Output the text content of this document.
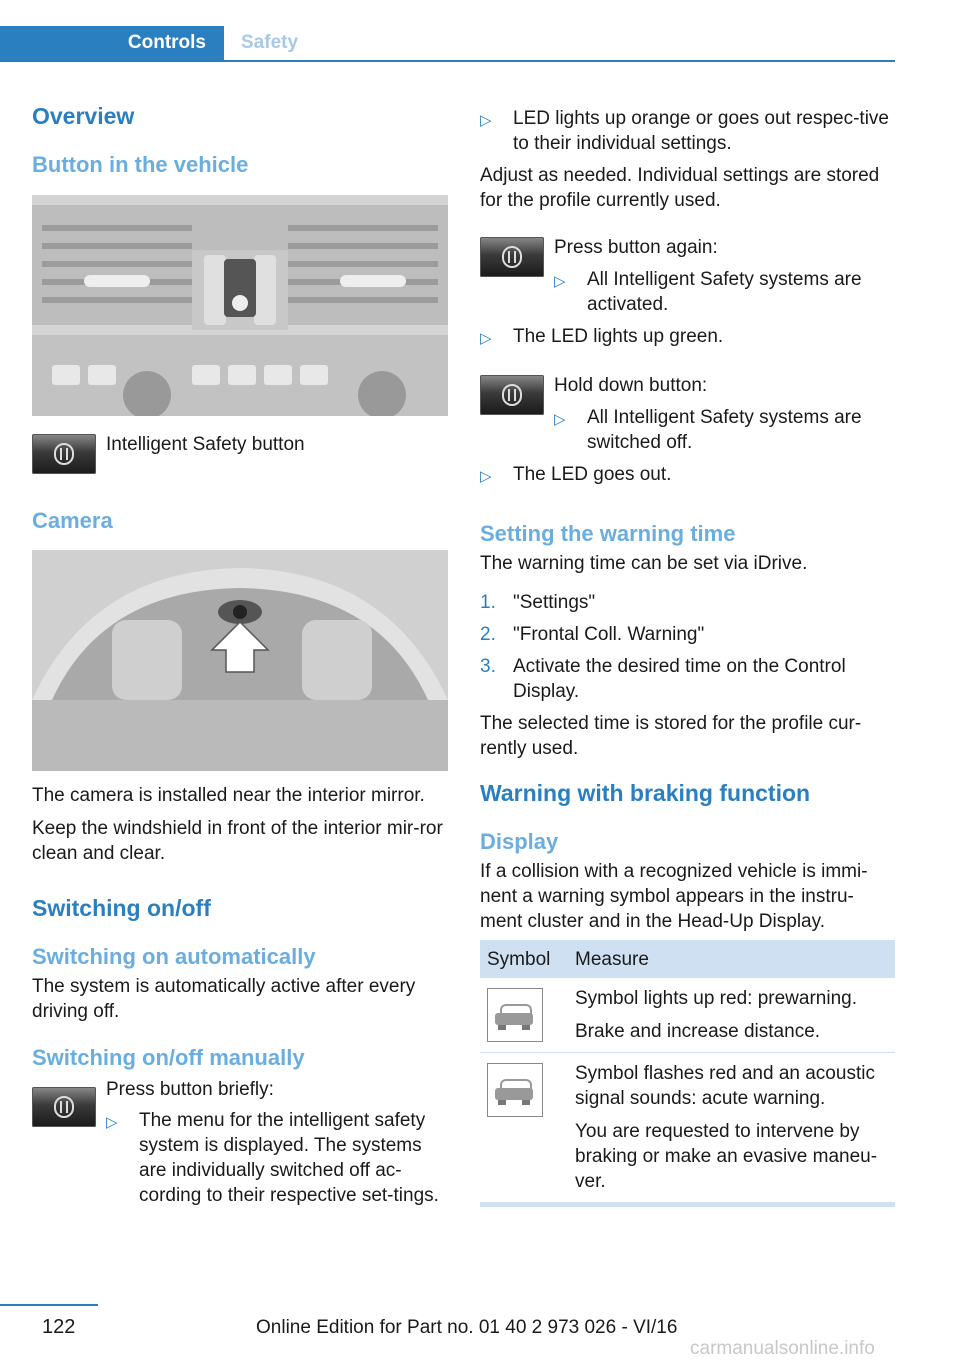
Controls	Safety
Overview
Button in the vehicle

Intelligent Safety button

Camera

The camera is installed near the interior mirror.

Keep the windshield in front of the interior mir-ror clean and clear.

Switching on/off
Switching on automatically

The system is automatically active after every driving off.

Switching on/off manually

Press button briefly:

▷
The menu for the intelligent safety system is displayed. The systems are individually switched off ac-cording to their respective set-tings.
▷
LED lights up orange or goes out respec-tive to their individual settings.

Adjust as needed. Individual settings are stored for the profile currently used.

Press button again:

▷
All Intelligent Safety systems are activated.
▷
The LED lights up green.

Hold down button:

▷
All Intelligent Safety systems are switched off.
▷
The LED goes out.
Setting the warning time

The warning time can be set via iDrive.

1. "Settings"
2. "Frontal Coll. Warning"
3. Activate the desired time on the Control Display.

The selected time is stored for the profile cur-rently used.

Warning with braking function
Display

If a collision with a recognized vehicle is immi-nent a warning symbol appears in the instru-ment cluster and in the Head-Up Display.

Symbol	Measure

	Symbol lights up red: prewarning.

Brake and increase distance.

	Symbol flashes red and an acoustic signal sounds: acute warning.

You are requested to intervene by braking or make an evasive maneu-ver.

122	Online Edition for Part no. 01 40 2 973 026 - VI/16
carmanualsonline.info
